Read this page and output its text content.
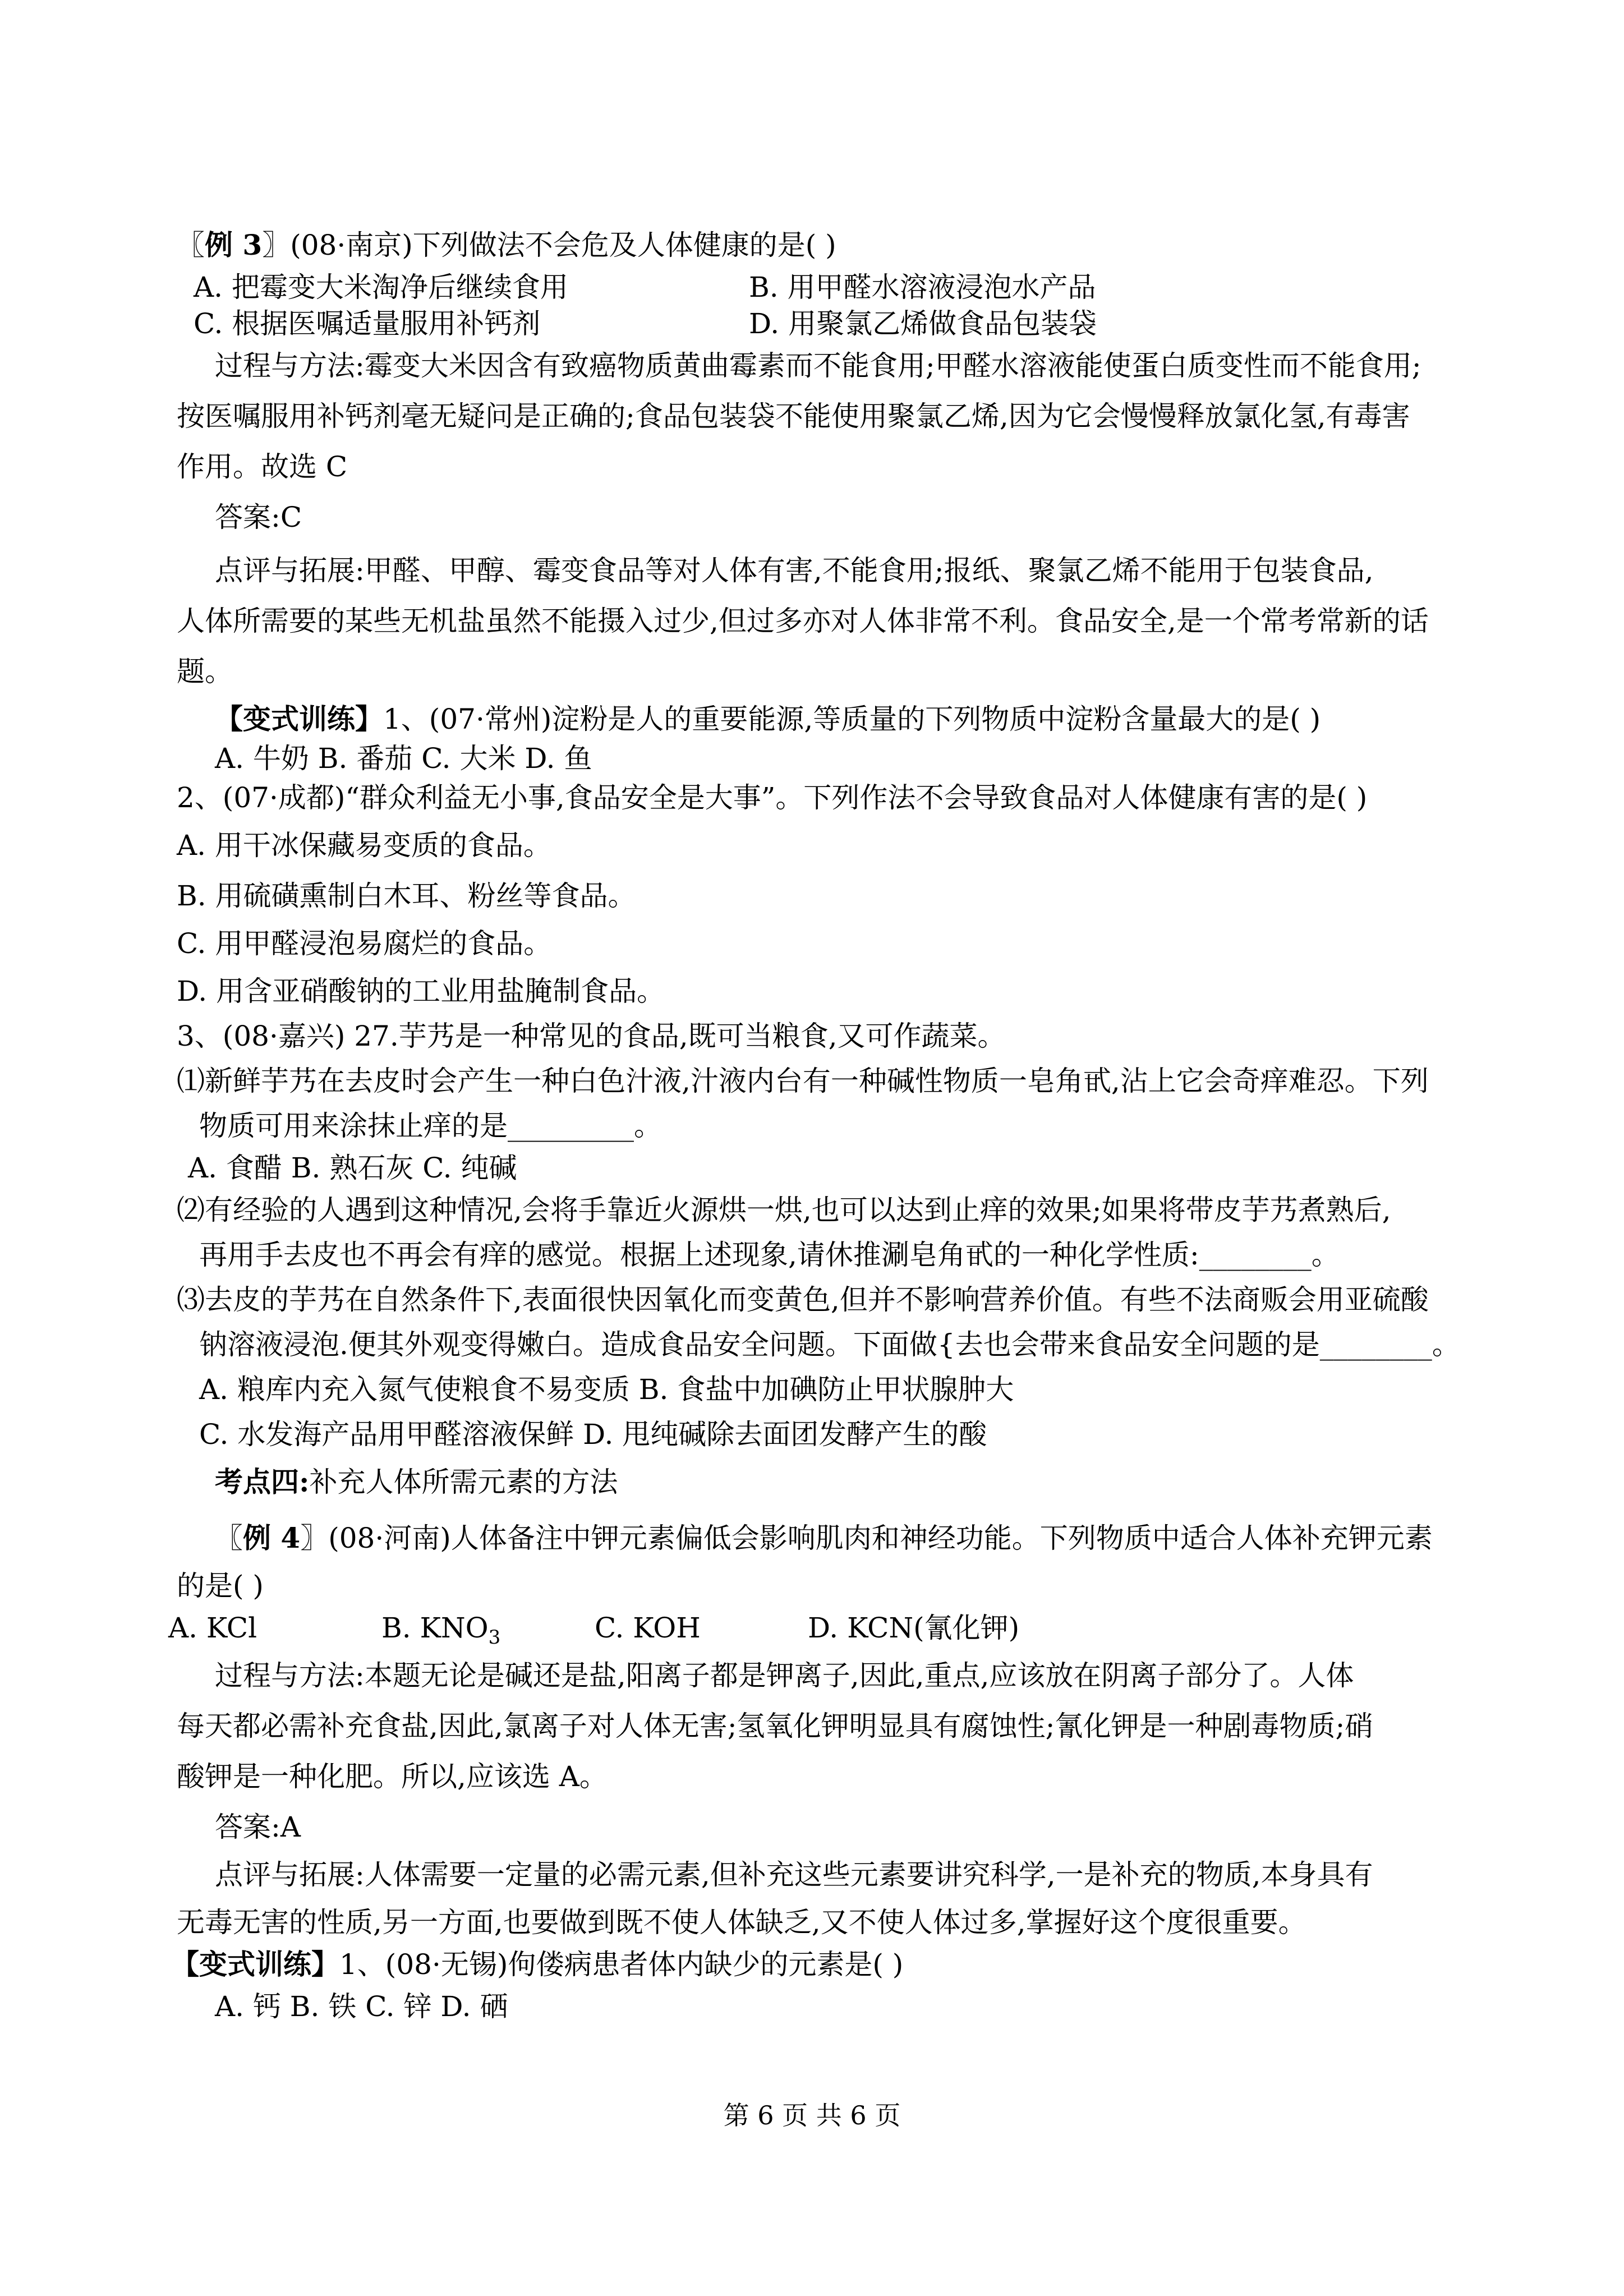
〖例 3〗(08·南京)下列做法不会危及人体健康的是( )
A. 把霉变大米淘净后继续食用	B. 用甲醛水溶液浸泡水产品
C. 根据医嘱适量服用补钙剂	D. 用聚氯乙烯做食品包装袋
过程与方法:霉变大米因含有致癌物质黄曲霉素而不能食用;甲醛水溶液能使蛋白质变性而不能食用;
按医嘱服用补钙剂毫无疑问是正确的;食品包装袋不能使用聚氯乙烯,因为它会慢慢释放氯化氢,有毒害
作用。故选 C
答案:C
点评与拓展:甲醛、甲醇、霉变食品等对人体有害,不能食用;报纸、聚氯乙烯不能用于包装食品,
人体所需要的某些无机盐虽然不能摄入过少,但过多亦对人体非常不利。食品安全,是一个常考常新的话
题。
【变式训练】1、(07·常州)淀粉是人的重要能源,等质量的下列物质中淀粉含量最大的是( )
A. 牛奶 B. 番茄 C. 大米 D. 鱼
2、(07·成都)“群众利益无小事,食品安全是大事”。下列作法不会导致食品对人体健康有害的是( )
A. 用干冰保藏易变质的食品。
B. 用硫磺熏制白木耳、粉丝等食品。
C. 用甲醛浸泡易腐烂的食品。
D. 用含亚硝酸钠的工业用盐腌制食品。
3、(08·嘉兴) 27.芋艿是一种常见的食品,既可当粮食,又可作蔬菜。
⑴新鲜芋艿在去皮时会产生一种白色汁液,汁液内台有一种碱性物质一皂角甙,沾上它会奇痒难忍。下列
物质可用来涂抹止痒的是_________。
A. 食醋 B. 熟石灰 C. 纯碱
⑵有经验的人遇到这种情况,会将手靠近火源烘一烘,也可以达到止痒的效果;如果将带皮芋艿煮熟后,
再用手去皮也不再会有痒的感觉。根据上述现象,请休推涮皂角甙的一种化学性质:________。
⑶去皮的芋艿在自然条件下,表面很快因氧化而变黄色,但并不影响营养价值。有些不法商贩会用亚硫酸
钠溶液浸泡.便其外观变得嫩白。造成食品安全问题。下面做{去也会带来食品安全问题的是________。
A. 粮库内充入氮气使粮食不易变质 B. 食盐中加碘防止甲状腺肿大
C. 水发海产品用甲醛溶液保鲜 D. 甩纯碱除去面团发酵产生的酸
考点四:补充人体所需元素的方法
〖例 4〗(08·河南)人体备注中钾元素偏低会影响肌肉和神经功能。下列物质中适合人体补充钾元素
的是( )
A. KCl	B. $KNO_3$	C. KOH	D. KCN(氰化钾)
过程与方法:本题无论是碱还是盐,阳离子都是钾离子,因此,重点,应该放在阴离子部分了。人体
每天都必需补充食盐,因此,氯离子对人体无害;氢氧化钾明显具有腐蚀性;氰化钾是一种剧毒物质;硝
酸钾是一种化肥。所以,应该选 A。
答案:A
点评与拓展:人体需要一定量的必需元素,但补充这些元素要讲究科学,一是补充的物质,本身具有
无毒无害的性质,另一方面,也要做到既不使人体缺乏,又不使人体过多,掌握好这个度很重要。
【变式训练】1、(08·无锡)佝偻病患者体内缺少的元素是( )
A. 钙 B. 铁 C. 锌 D. 硒
第 6 页 共 6 页
